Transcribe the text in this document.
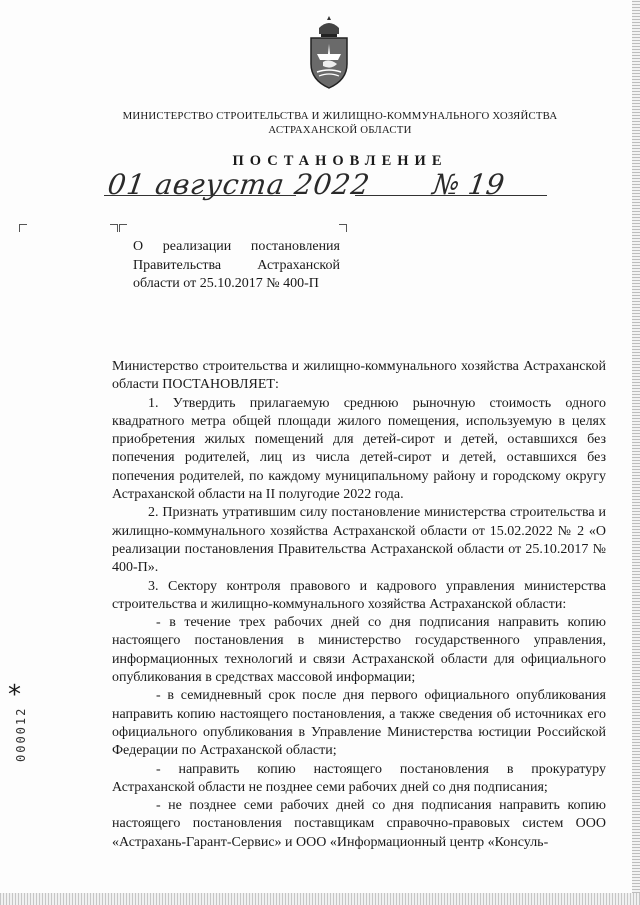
МИНИСТЕРСТВО СТРОИТЕЛЬСТВА И ЖИЛИЩНО-КОММУНАЛЬНОГО ХОЗЯЙСТВА
АСТРАХАНСКОЙ ОБЛАСТИ
ПОСТАНОВЛЕНИЕ
01 августа 2022 № 19
О реализации постановления
Правительства Астраханской
области от 25.10.2017 № 400-П

Министерство строительства и жилищно-коммунального хозяйства Астраханской области ПОСТАНОВЛЯЕТ:

1. Утвердить прилагаемую среднюю рыночную стоимость одного квадратного метра общей площади жилого помещения, используемую в целях приобретения жилых помещений для детей-сирот и детей, оставшихся без попечения родителей, лиц из числа детей-сирот и детей, оставшихся без попечения родителей, по каждому муниципальному району и городскому округу Астраханской области на II полугодие 2022 года.

2. Признать утратившим силу постановление министерства строительства и жилищно-коммунального хозяйства Астраханской области от 15.02.2022 № 2 «О реализации постановления Правительства Астраханской области от 25.10.2017 № 400-П».

3. Сектору контроля правового и кадрового управления министерства строительства и жилищно-коммунального хозяйства Астраханской области:

- в течение трех рабочих дней со дня подписания направить копию настоящего постановления в министерство государственного управления, информационных технологий и связи Астраханской области для официального опубликования в средствах массовой информации;

- в семидневный срок после дня первого официального опубликования направить копию настоящего постановления, а также сведения об источниках его официального опубликования в Управление Министерства юстиции Российской Федерации по Астраханской области;

- направить копию настоящего постановления в прокуратуру Астраханской области не позднее семи рабочих дней со дня подписания;

- не позднее семи рабочих дней со дня подписания направить копию настоящего постановления поставщикам справочно-правовых систем ООО «Астрахань-Гарант-Сервис» и ООО «Информационный центр «Консуль-

*
000012
